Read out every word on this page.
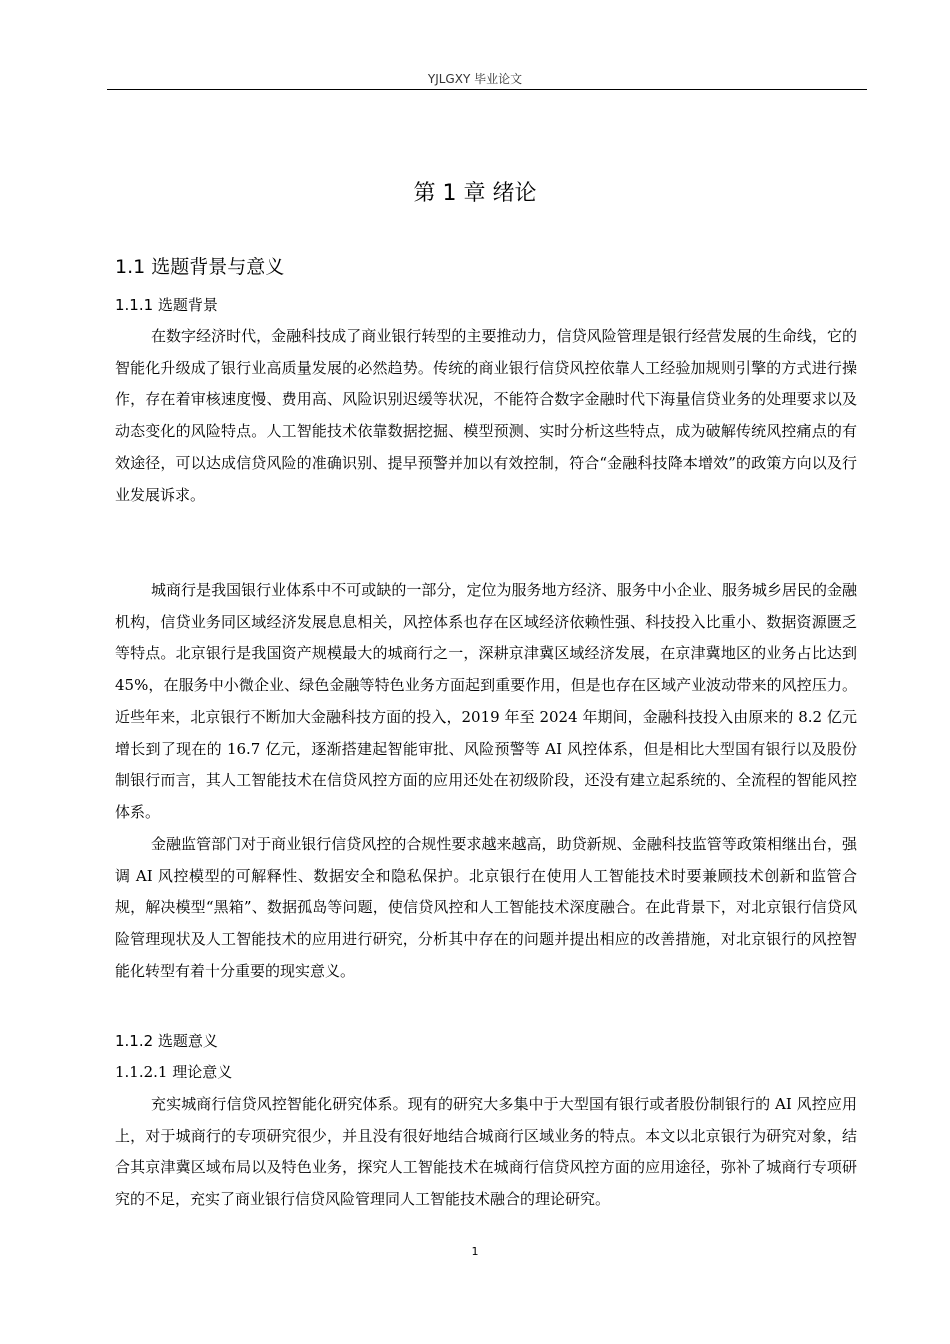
YJLGXY 毕业论文
第 1 章 绪论
1.1 选题背景与意义
1.1.1 选题背景

在数字经济时代，金融科技成了商业银行转型的主要推动力，信贷风险管理是银行经营发展的生命线，它的智能化升级成了银行业高质量发展的必然趋势。传统的商业银行信贷风控依靠人工经验加规则引擎的方式进行操作，存在着审核速度慢、费用高、风险识别迟缓等状况，不能符合数字金融时代下海量信贷业务的处理要求以及动态变化的风险特点。人工智能技术依靠数据挖掘、模型预测、实时分析这些特点，成为破解传统风控痛点的有效途径，可以达成信贷风险的准确识别、提早预警并加以有效控制，符合“金融科技降本增效”的政策方向以及行业发展诉求。

城商行是我国银行业体系中不可或缺的一部分，定位为服务地方经济、服务中小企业、服务城乡居民的金融机构，信贷业务同区域经济发展息息相关，风控体系也存在区域经济依赖性强、科技投入比重小、数据资源匮乏等特点。北京银行是我国资产规模最大的城商行之一，深耕京津冀区域经济发展，在京津冀地区的业务占比达到 45%，在服务中小微企业、绿色金融等特色业务方面起到重要作用，但是也存在区域产业波动带来的风控压力。近些年来，北京银行不断加大金融科技方面的投入，2019 年至 2024 年期间，金融科技投入由原来的 8.2 亿元增长到了现在的 16.7 亿元，逐渐搭建起智能审批、风险预警等 AI 风控体系，但是相比大型国有银行以及股份制银行而言，其人工智能技术在信贷风控方面的应用还处在初级阶段，还没有建立起系统的、全流程的智能风控体系。

金融监管部门对于商业银行信贷风控的合规性要求越来越高，助贷新规、金融科技监管等政策相继出台，强调 AI 风控模型的可解释性、数据安全和隐私保护。北京银行在使用人工智能技术时要兼顾技术创新和监管合规，解决模型“黑箱”、数据孤岛等问题，使信贷风控和人工智能技术深度融合。在此背景下，对北京银行信贷风险管理现状及人工智能技术的应用进行研究，分析其中存在的问题并提出相应的改善措施，对北京银行的风控智能化转型有着十分重要的现实意义。

1.1.2 选题意义
1.1.2.1 理论意义

充实城商行信贷风控智能化研究体系。现有的研究大多集中于大型国有银行或者股份制银行的 AI 风控应用上，对于城商行的专项研究很少，并且没有很好地结合城商行区域业务的特点。本文以北京银行为研究对象，结合其京津冀区域布局以及特色业务，探究人工智能技术在城商行信贷风控方面的应用途径，弥补了城商行专项研究的不足，充实了商业银行信贷风险管理同人工智能技术融合的理论研究。

1
